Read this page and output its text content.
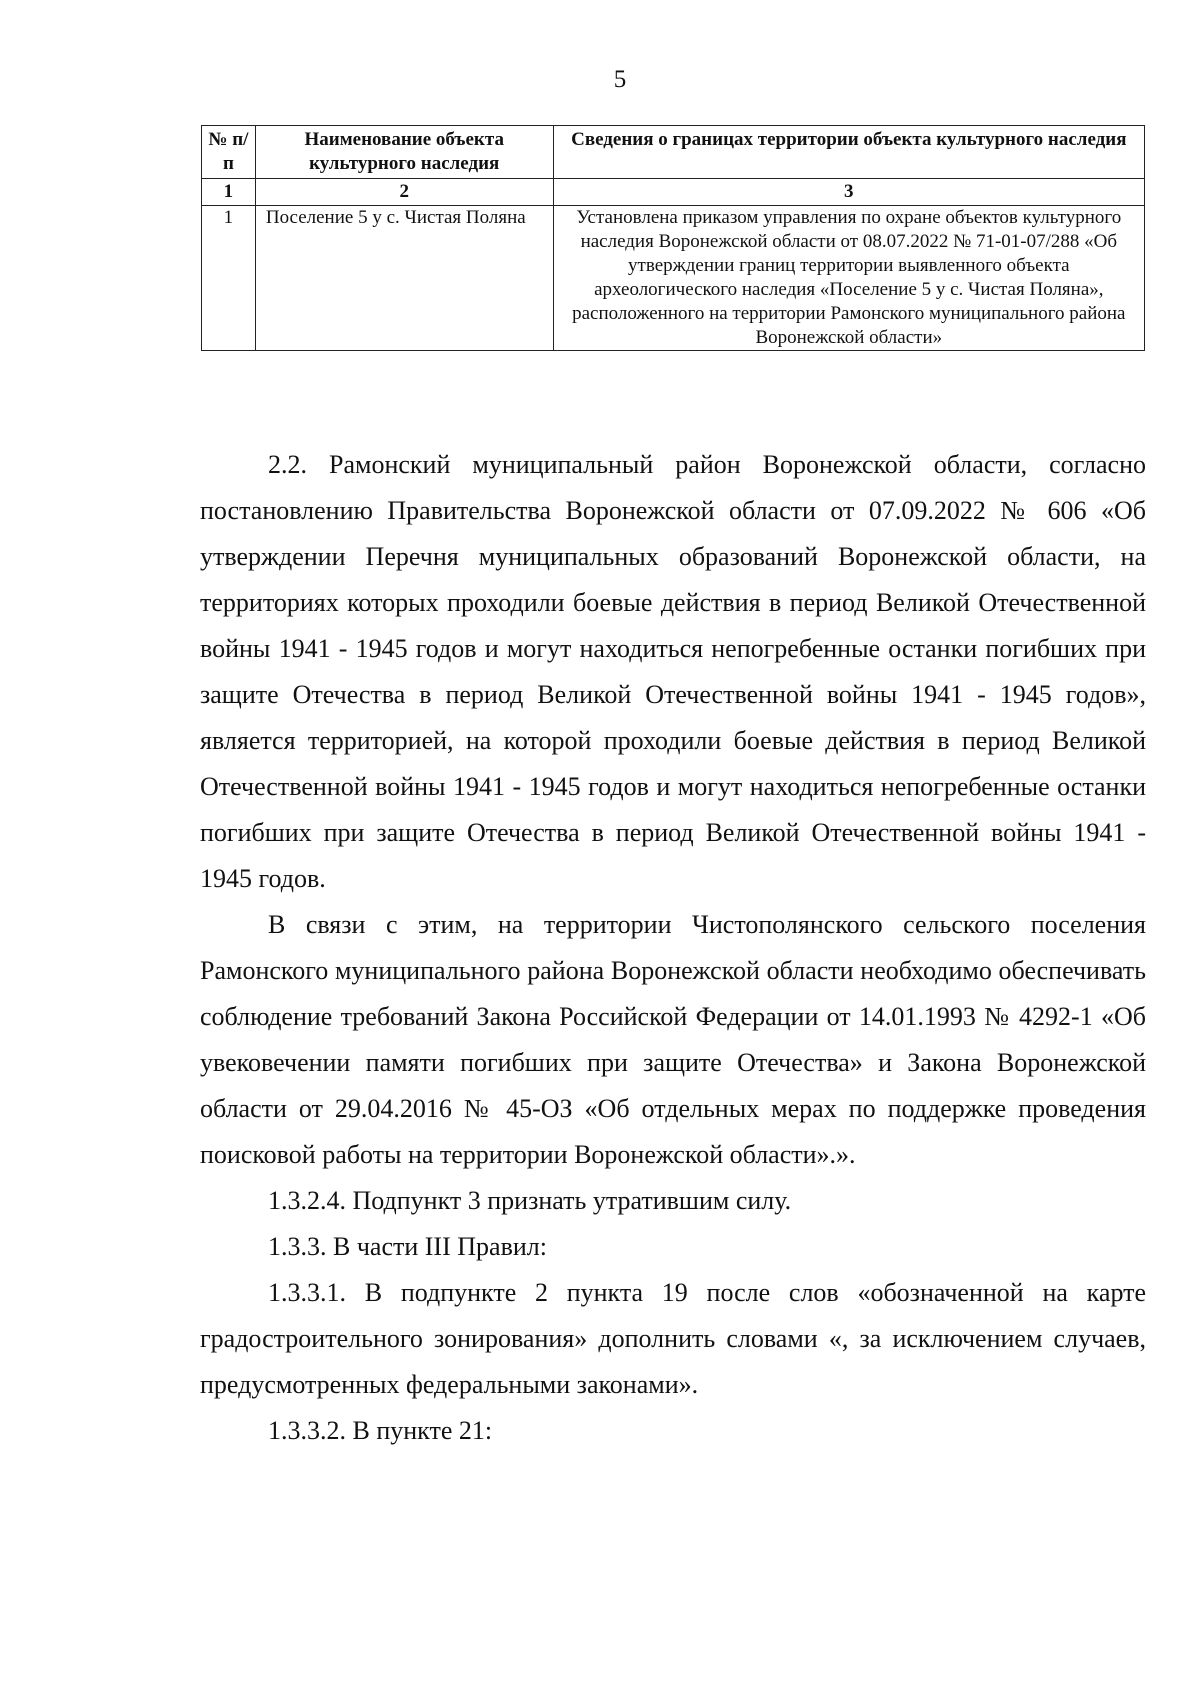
5
№ п/п	Наименование объекта культурного наследия	Сведения о границах территории объекта культурного наследия
1	2	3
1	Поселение 5 у с. Чистая Поляна	Установлена приказом управления по охране объектов культурного наследия Воронежской области от 08.07.2022 № 71-01-07/288 «Об утверждении границ территории выявленного объекта археологического наследия «Поселение 5 у с. Чистая Поляна», расположенного на территории Рамонского муниципального района Воронежской области»

2.2. Рамонский муниципальный район Воронежской области, согласно постановлению Правительства Воронежской области от 07.09.2022 № 606 «Об утверждении Перечня муниципальных образований Воронежской области, на территориях которых проходили боевые действия в период Великой Отечественной войны 1941 - 1945 годов и могут находиться непогребенные останки погибших при защите Отечества в период Великой Отечественной войны 1941 - 1945 годов», является территорией, на которой проходили боевые действия в период Великой Отечественной войны 1941 - 1945 годов и могут находиться непогребенные останки погибших при защите Отечества в период Великой Отечественной войны 1941 - 1945 годов.

В связи с этим, на территории Чистополянского сельского поселения Рамонского муниципального района Воронежской области необходимо обеспечивать соблюдение требований Закона Российской Федерации от 14.01.1993 № 4292-1 «Об увековечении памяти погибших при защите Отечества» и Закона Воронежской области от 29.04.2016 № 45-ОЗ «Об отдельных мерах по поддержке проведения поисковой работы на территории Воронежской области».».

1.3.2.4. Подпункт 3 признать утратившим силу.

1.3.3. В части III Правил:

1.3.3.1. В подпункте 2 пункта 19 после слов «обозначенной на карте градостроительного зонирования» дополнить словами «, за исключением случаев, предусмотренных федеральными законами».

1.3.3.2. В пункте 21:
